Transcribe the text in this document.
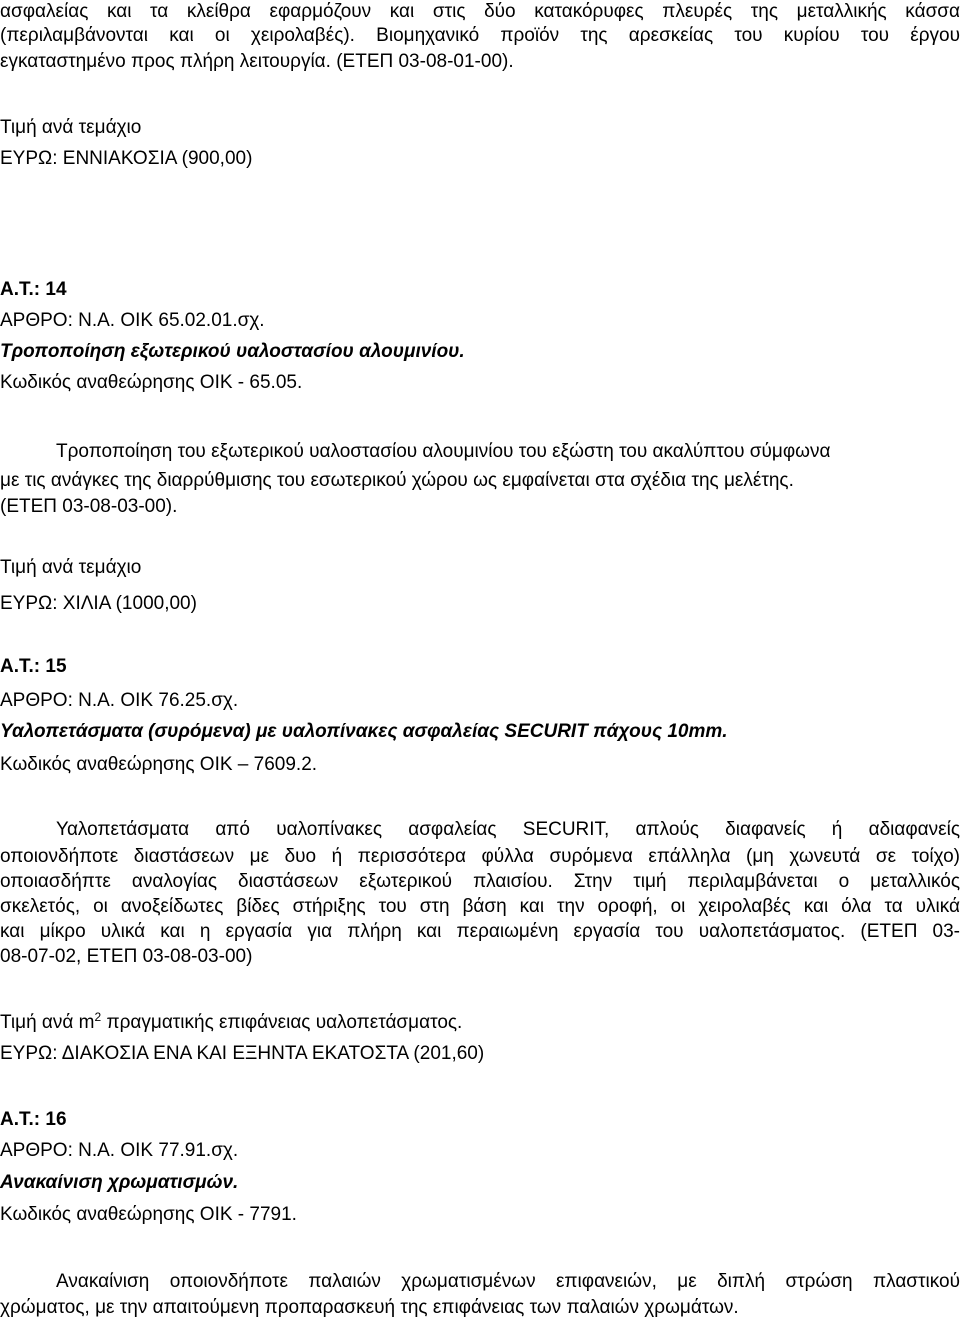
ασφαλείας και τα κλείθρα εφαρμόζουν και στις δύο κατακόρυφες πλευρές της μεταλλικής κάσσα
(περιλαμβάνονται και οι χειρολαβές). Βιομηχανικό προϊόν της αρεσκείας του κυρίου του έργου
εγκαταστημένο προς πλήρη λειτουργία. (ΕΤΕΠ 03-08-01-00).
Τιμή ανά τεμάχιο
ΕΥΡΩ: ΕΝΝΙΑΚΟΣΙΑ (900,00)
Α.Τ.: 14
ΑΡΘΡΟ: Ν.Α. ΟΙΚ 65.02.01.σχ.
Τροποποίηση εξωτερικού υαλοστασίου αλουμινίου.
Κωδικός αναθεώρησης ΟΙΚ - 65.05.
Τροποποίηση του εξωτερικού υαλοστασίου αλουμινίου του εξώστη του ακαλύπτου σύμφωνα
με τις ανάγκες της διαρρύθμισης του εσωτερικού χώρου ως εμφαίνεται στα σχέδια της μελέτης.
(ΕΤΕΠ 03-08-03-00).
Τιμή ανά τεμάχιο
ΕΥΡΩ: ΧΙΛΙΑ (1000,00)
Α.Τ.: 15
ΑΡΘΡΟ: Ν.Α. ΟΙΚ 76.25.σχ.
Υαλοπετάσματα (συρόμενα) με υαλοπίνακες ασφαλείας SECURIT πάχους 10mm.
Κωδικός αναθεώρησης ΟΙΚ – 7609.2.
Υαλοπετάσματα από υαλοπίνακες ασφαλείας SECURIT, απλούς διαφανείς ή αδιαφανείς
οποιονδήποτε διαστάσεων με δυο ή περισσότερα φύλλα συρόμενα επάλληλα (μη χωνευτά σε τοίχο)
οποιασδήπτε αναλογίας διαστάσεων εξωτερικού πλαισίου. Στην τιμή περιλαμβάνεται ο μεταλλικός
σκελετός, οι ανοξείδωτες βίδες στήριξης του στη βάση και την οροφή, οι χειρολαβές και όλα τα υλικά
και μίκρο υλικά και η εργασία για πλήρη και περαιωμένη εργασία του υαλοπετάσματος. (ΕΤΕΠ 03-
08-07-02, ΕΤΕΠ 03-08-03-00)
Τιμή ανά $m^2$ πραγματικής επιφάνειας υαλοπετάσματος.
ΕΥΡΩ: ΔΙΑΚΟΣΙΑ ΕΝΑ ΚΑΙ ΕΞΗΝΤΑ ΕΚΑΤΟΣΤΑ (201,60)
Α.Τ.: 16
ΑΡΘΡΟ: Ν.Α. ΟΙΚ 77.91.σχ.
Ανακαίνιση χρωματισμών.
Κωδικός αναθεώρησης ΟΙΚ - 7791.
Ανακαίνιση οποιονδήποτε παλαιών χρωματισμένων επιφανειών, με διπλή στρώση πλαστικού
χρώματος, με την απαιτούμενη προπαρασκευή της επιφάνειας των παλαιών χρωμάτων.
